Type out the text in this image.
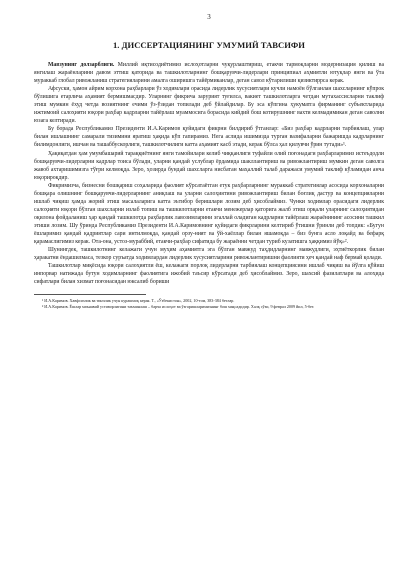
3
1. ДИССЕРТАЦИЯНИНГ УМУМИЙ ТАВСИФИ

Мавзунинг долзарблиги. Миллий иқтисодиётимиз ислоҳотларни чуқурлаштириш, етакчи тармоқларни модернизация қилиш ва янгилаш жараёнларини давом эттиш қаторида ва ташкилотларнинг бошқарувчи-лидерлари принципиал аҳмиятли ютуқлар янги ва ўта мураккаб глобал ривожланиш стратегияларини амалга оширишга тайёрмиканлар, деган савол кўтарилиши қизиктиррса керак.

Афсуски, ҳамон айрим корхона раҳбарлари ўз ходимлари орасида лидерлик хусусиятлари кучли намоён бўлганлан шахсларнинг кўпрок бўлишига етарлича аҳамият бермишмасдир. Уларнинг фикрича зарурият туғилса, вакиет ташкилотларга четдан мутахассисларни таклиф этиш мумкин ёхуд четда возиятнинг ечими ўз-ўзидан топилади деб ўйлайдилар. Бу эса кўпгина ҳукуматга фирманинг субъектларида ижтимоий салоҳияти юқори раҳбар кадрларни тайёрлаш муаммосига борасида кийдий бош котирушнинг вахти келмадимикан деган саволни юзага келтиради.

Бу борада Республикамиз Президенти И.А.Каримов қуйидаги фикрни билдириб ўтганлар: «Биз раҳбар кадрларни тарбиялаш, улар билан ишлашнинг самарали тизимини яратиш ҳақида кўп гапирамиз. Нега аслида ишимизда турган вазифаларни бажаришда кадрларнинг билимдонлиги, ишчан ва ташаббускорлиги, ташкилотчилиги катта аҳамият касб этади, керак бўлса ҳал қилувчи ўрин тутади»¹.

Ҳақиқатдан ҳам умумбашарий тараққиётнинг янги тамойилари келиб чиққанлиги туфайли олий поғонадаги раҳбарларимиз истеъдодли бошқарувчи-лидерларни кадрлар тоиса бўлади, уларни қандай услублар ёрдамида шакллантириш ва ривожлантириш мумкин деган саволга жавоб ахтаришимизга тўғри келмоқда. Зеро, ҳозирда бундай шахсларга нисбатан маҳаллий талаб даражаси умумий таклиф кўламидан анча юқорироқдир.

Фикримизча, бизнесни бошқариш соҳаларида фаолият кўрсатаётган етук раҳбарларнинг мураккаб стратегиялар асосида корхоналарни бошқара олишнинг бошқарувчи-лидерларнинг аниқлаш ва уларни салоҳиятини ривожлантириш билан боғлиқ дастур ва концепцияларни ишлаб чиқиш ҳамда жорий этиш масалаларига катта эътибор беришлари лозим деб ҳисоблаймиз. Чунки ходимлар орасидаги лидерлик салоҳияти юқори бўлган шахсларни излаб топиш ва ташкилотларни етакчи менежерлар қаторига жалб этиш орқали уларнинг салоҳиятидан оқилона фойдаланиш ҳар қандай ташкилотда раҳбарлик лавозимларини эгаллай оладиган кадрларни тайёрлаш жараёнининг асосини ташкил этиши лозим. Шу ўринда Республикамиз Президенти И.А.Каримовнинг қуйидаги фикрларини келтириб ўтишни ўринли деб топдик: «Бугун ёшларимиз қандай қадриятлар сари интилмоқда, қандай орзу-ният ва ўй-хаёллар билан яшамоқда – биз бунга асло лоқайд ва бефарқ қарамаслигимиз керак. Ота-она, устоз-мураббий, етакчи-раҳбар сифатида бу жараённи четдан туриб кузатишга ҳаққимиз йўқ»².

Шунингдек, ташкилотнинг келажаги учун муҳим аҳамиятга эга бўлган мавжуд таҳдидларнинг мавжудлиги, эҳтиёткорлик билан ҳаракатни ёндашилмаса, тезкор суръатда ходимлардан лидерлик хусусиятларини ривожлантиришни фаолияти ҳеч қандай наф бермай қолади.

Ташкилотлар миқёсида юқори салоҳиятли ёш, келажаги порлоқ лидерларни тарбиялаш концепциясини ишлаб чиқиш ва йўлга қўйиш инпорвар натижада бутун ходимларнинг фаолиятига ижобий таъсир кўрсатади деб ҳисоблаймиз. Зеро, шахсий фазилатлари ва алоҳида сифатлари билан хизмат поғонасидан юксалиб бориши

¹ И.А.Каримов. Хавфсизлик ва тинчлик учун курашмоқ керак. Т., «Ўзбекистон», 2002, 10-том, 383-384 бетлар.

² И.А.Каримов. Ёшлар маънавий устиворлигини таъминлаш – барча ислоҳот ва ўзгаришларимизнинг бош мақсадидир. Халқ сўзи, 9 феврал 2009 йил, 5-бет.
